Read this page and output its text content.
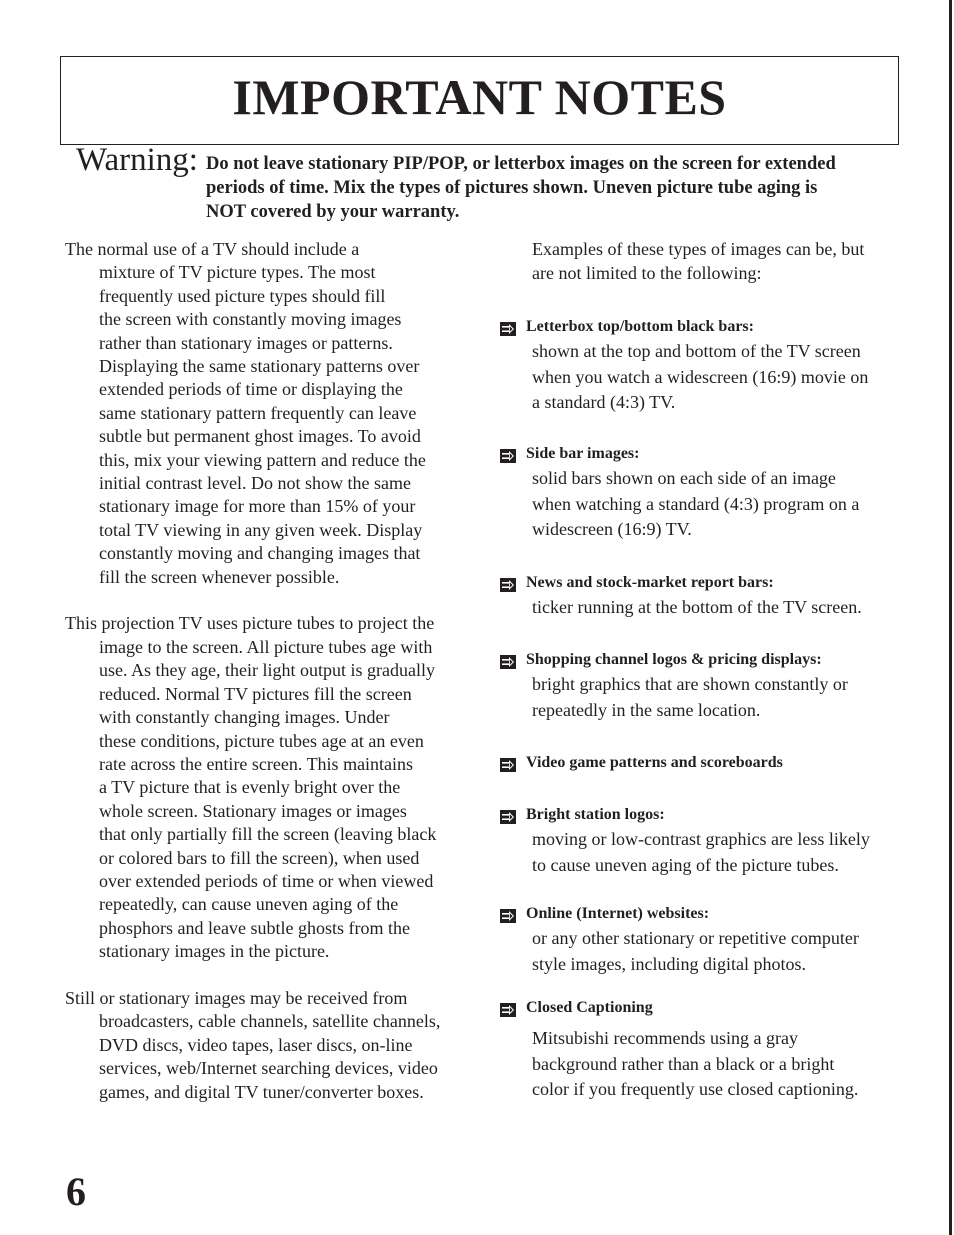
IMPORTANT NOTES
Warning: Do not leave stationary PIP/POP, or letterbox images on the screen for extended
periods of time. Mix the types of pictures shown. Uneven picture tube aging is
NOT covered by your warranty.
The normal use of a TV should include a
mixture of TV picture types. The most
frequently used picture types should fill
the screen with constantly moving images
rather than stationary images or patterns.
Displaying the same stationary patterns over
extended periods of time or displaying the
same stationary pattern frequently can leave
subtle but permanent ghost images. To avoid
this, mix your viewing pattern and reduce the
initial contrast level. Do not show the same
stationary image for more than 15% of your
total TV viewing in any given week. Display
constantly moving and changing images that
fill the screen whenever possible.
This projection TV uses picture tubes to project the
image to the screen. All picture tubes age with
use. As they age, their light output is gradually
reduced. Normal TV pictures fill the screen
with constantly changing images. Under
these conditions, picture tubes age at an even
rate across the entire screen. This maintains
a TV picture that is evenly bright over the
whole screen. Stationary images or images
that only partially fill the screen (leaving black
or colored bars to fill the screen), when used
over extended periods of time or when viewed
repeatedly, can cause uneven aging of the
phosphors and leave subtle ghosts from the
stationary images in the picture.
Still or stationary images may be received from
broadcasters, cable channels, satellite channels,
DVD discs, video tapes, laser discs, on-line
services, web/Internet searching devices, video
games, and digital TV tuner/converter boxes.
Examples of these types of images can be, but
are not limited to the following:
Letterbox top/bottom black bars:
shown at the top and bottom of the TV screen
when you watch a widescreen (16:9) movie on
a standard (4:3) TV.
Side bar images:
solid bars shown on each side of an image
when watching a standard (4:3) program on a
widescreen (16:9) TV.
News and stock-market report bars:
ticker running at the bottom of the TV screen.
Shopping channel logos & pricing displays:
bright graphics that are shown constantly or
repeatedly in the same location.
Video game patterns and scoreboards
Bright station logos:
moving or low-contrast graphics are less likely
to cause uneven aging of the picture tubes.
Online (Internet) websites:
or any other stationary or repetitive computer
style images, including digital photos.
Closed Captioning
Mitsubishi recommends using a gray
background rather than a black or a bright
color if you frequently use closed captioning.
6
